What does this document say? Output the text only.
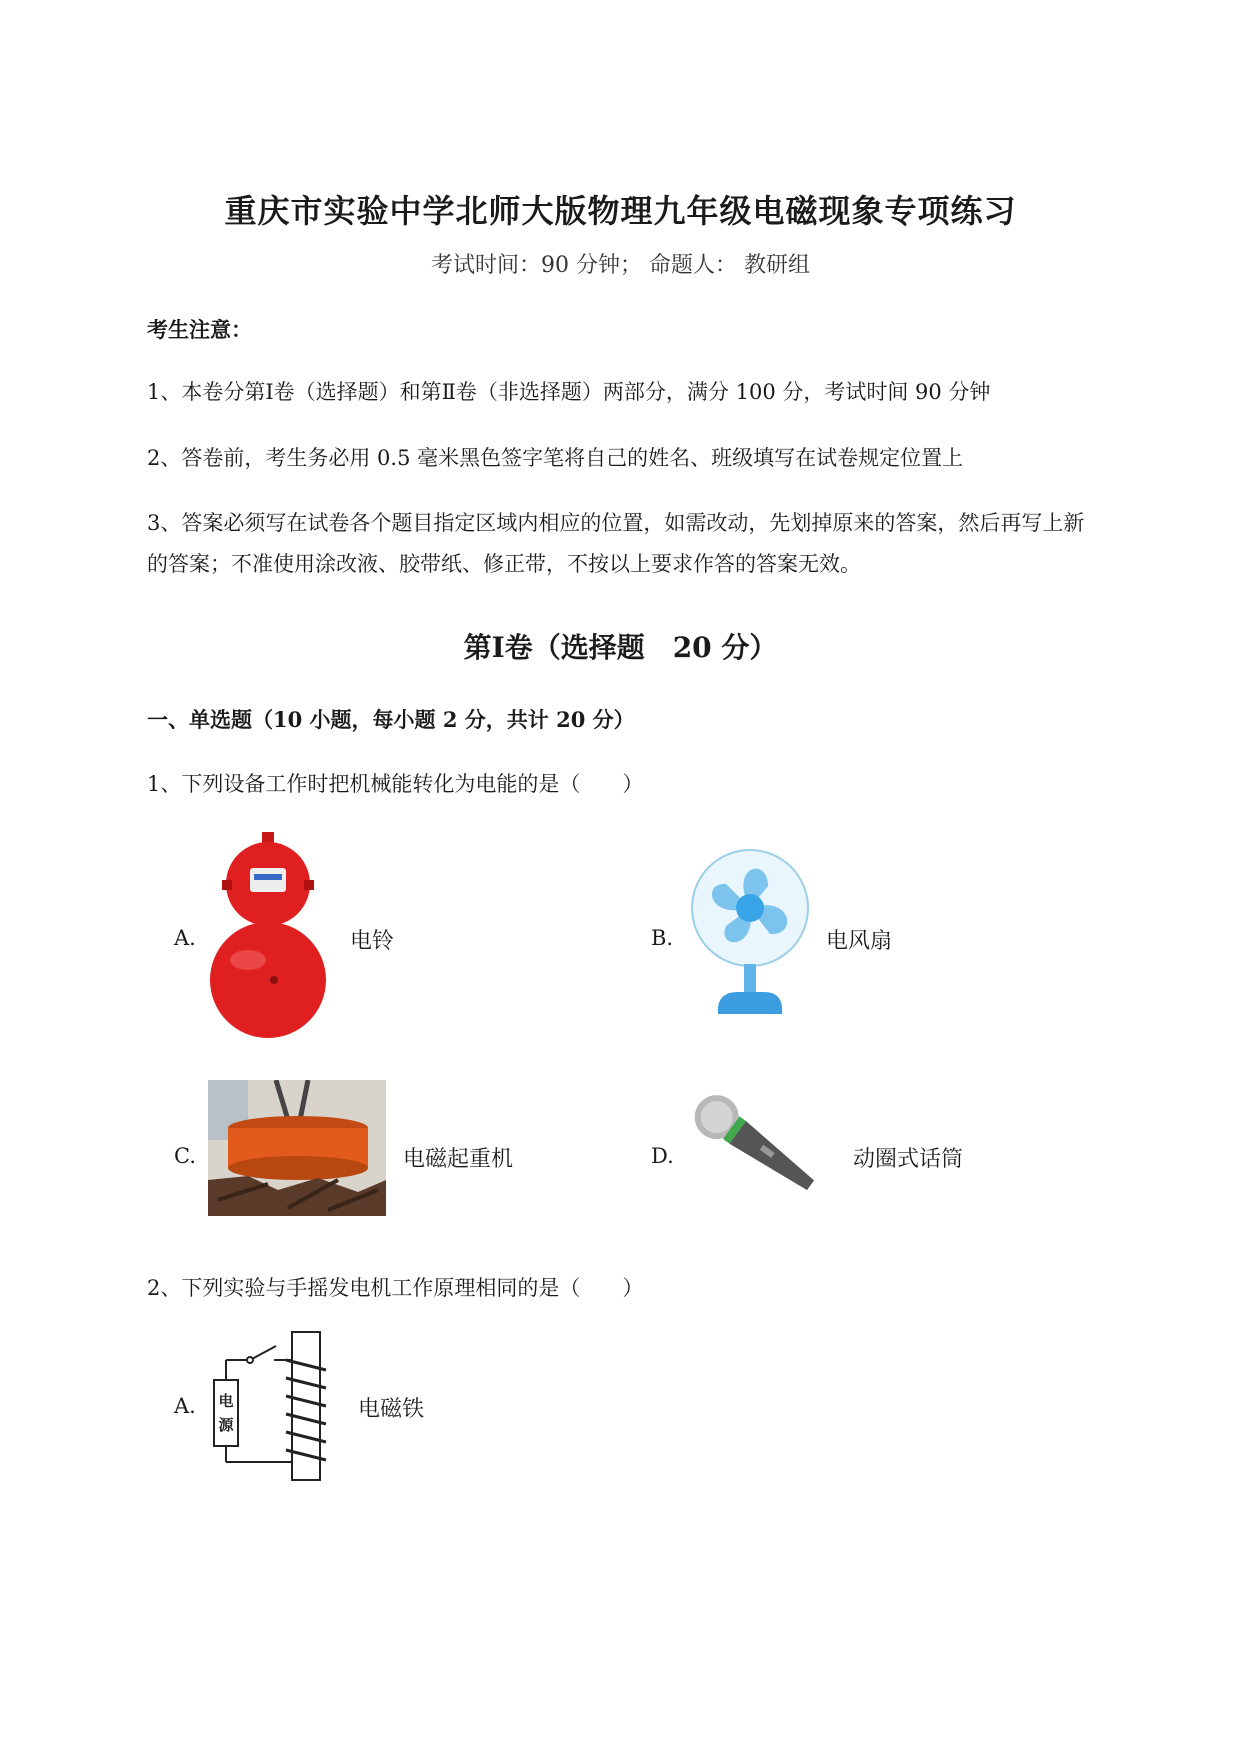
重庆市实验中学北师大版物理九年级电磁现象专项练习
考试时间：90 分钟； 命题人： 教研组
考生注意：
1、本卷分第Ⅰ卷（选择题）和第Ⅱ卷（非选择题）两部分，满分 100 分，考试时间 90 分钟
2、答卷前，考生务必用 0.5 毫米黑色签字笔将自己的姓名、班级填写在试卷规定位置上
3、答案必须写在试卷各个题目指定区域内相应的位置，如需改动，先划掉原来的答案，然后再写上新
的答案；不准使用涂改液、胶带纸、修正带，不按以上要求作答的答案无效。
第Ⅰ卷（选择题　20 分）
一、单选题（10 小题，每小题 2 分，共计 20 分）
1、下列设备工作时把机械能转化为电能的是（　　）
A.	电铃	B.	电风扇
C.	电磁起重机	D.	动圈式话筒
2、下列实验与手摇发电机工作原理相同的是（　　）
A. 电
源
电磁铁
